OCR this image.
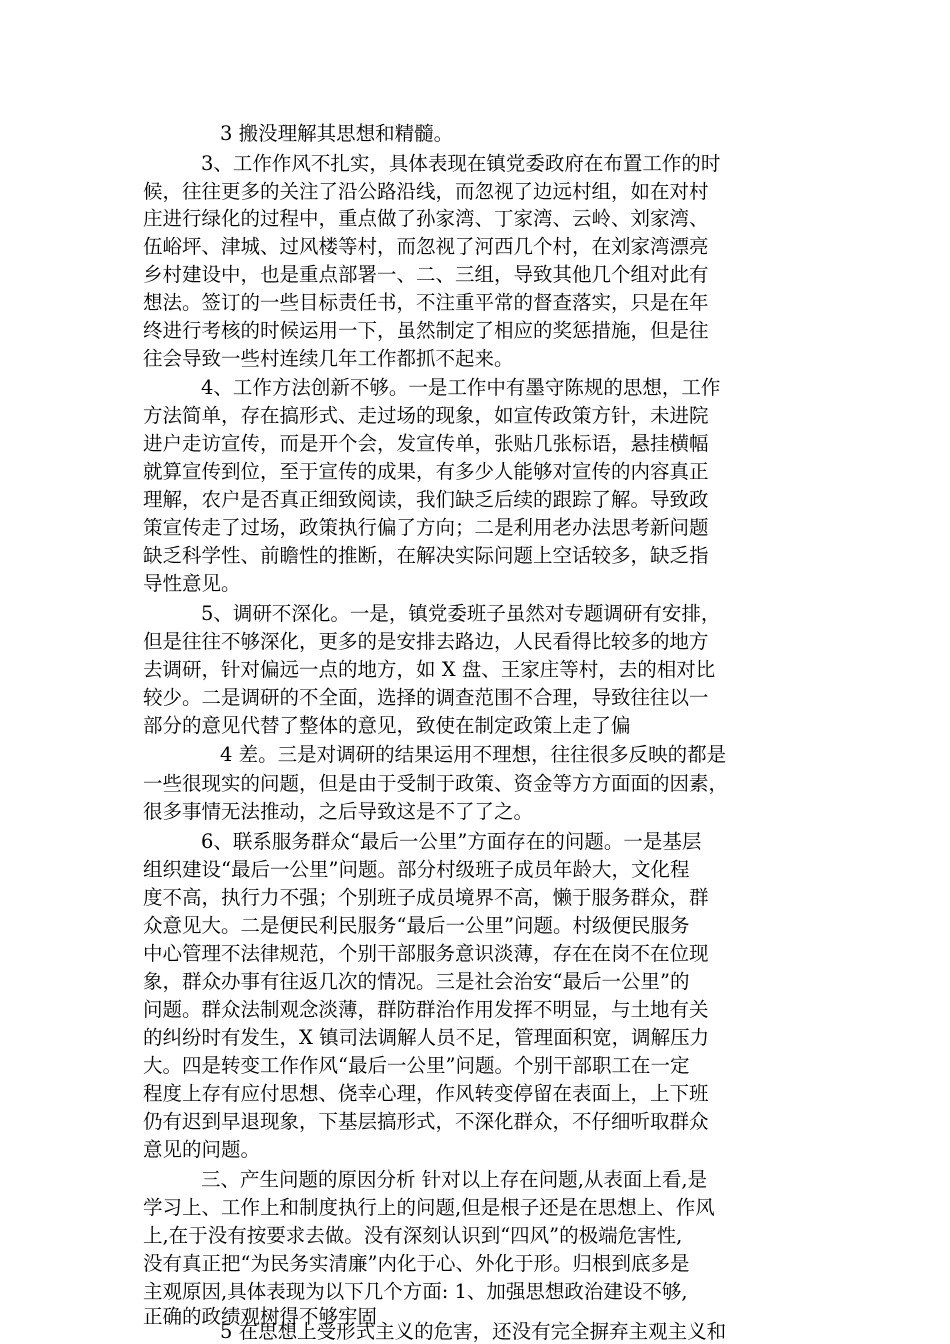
3 搬没理解其思想和精髓。
3、工作作风不扎实，具体表现在镇党委政府在布置工作的时
候，往往更多的关注了沿公路沿线，而忽视了边远村组，如在对村
庄进行绿化的过程中，重点做了孙家湾、丁家湾、云岭、刘家湾、
伍峪坪、津城、过风楼等村，而忽视了河西几个村，在刘家湾漂亮
乡村建设中，也是重点部署一、二、三组，导致其他几个组对此有
想法。签订的一些目标责任书，不注重平常的督查落实，只是在年
终进行考核的时候运用一下，虽然制定了相应的奖惩措施，但是往
往会导致一些村连续几年工作都抓不起来。
4、工作方法创新不够。一是工作中有墨守陈规的思想，工作
方法简单，存在搞形式、走过场的现象，如宣传政策方针，未进院
进户走访宣传，而是开个会，发宣传单，张贴几张标语，悬挂横幅
就算宣传到位，至于宣传的成果，有多少人能够对宣传的内容真正
理解，农户是否真正细致阅读，我们缺乏后续的跟踪了解。导致政
策宣传走了过场，政策执行偏了方向；二是利用老办法思考新问题
缺乏科学性、前瞻性的推断，在解决实际问题上空话较多，缺乏指
导性意见。
5、调研不深化。一是，镇党委班子虽然对专题调研有安排，
但是往往不够深化，更多的是安排去路边，人民看得比较多的地方
去调研，针对偏远一点的地方，如 X 盘、王家庄等村，去的相对比
较少。二是调研的不全面，选择的调查范围不合理，导致往往以一
部分的意见代替了整体的意见，致使在制定政策上走了偏
4 差。三是对调研的结果运用不理想，往往很多反映的都是
一些很现实的问题，但是由于受制于政策、资金等方方面面的因素，
很多事情无法推动，之后导致这是不了了之。
6、联系服务群众“最后一公里”方面存在的问题。一是基层
组织建设“最后一公里”问题。部分村级班子成员年龄大，文化程
度不高，执行力不强；个别班子成员境界不高，懒于服务群众，群
众意见大。二是便民利民服务“最后一公里”问题。村级便民服务
中心管理不法律规范，个别干部服务意识淡薄，存在在岗不在位现
象，群众办事有往返几次的情况。三是社会治安“最后一公里”的
问题。群众法制观念淡薄，群防群治作用发挥不明显，与土地有关
的纠纷时有发生，X 镇司法调解人员不足，管理面积宽，调解压力
大。四是转变工作作风“最后一公里”问题。个别干部职工在一定
程度上存有应付思想、侥幸心理，作风转变停留在表面上，上下班
仍有迟到早退现象，下基层搞形式，不深化群众，不仔细听取群众
意见的问题。
三、产生问题的原因分析 针对以上存在问题,从表面上看,是
学习上、工作上和制度执行上的问题,但是根子还是在思想上、作风
上,在于没有按要求去做。没有深刻认识到“四风”的极端危害性,
没有真正把“为民务实清廉”内化于心、外化于形。归根到底多是
主观原因,具体表现为以下几个方面: 1、加强思想政治建设不够,
正确的政绩观树得不够牢固
5 在思想上受形式主义的危害，还没有完全摒弃主观主义和
